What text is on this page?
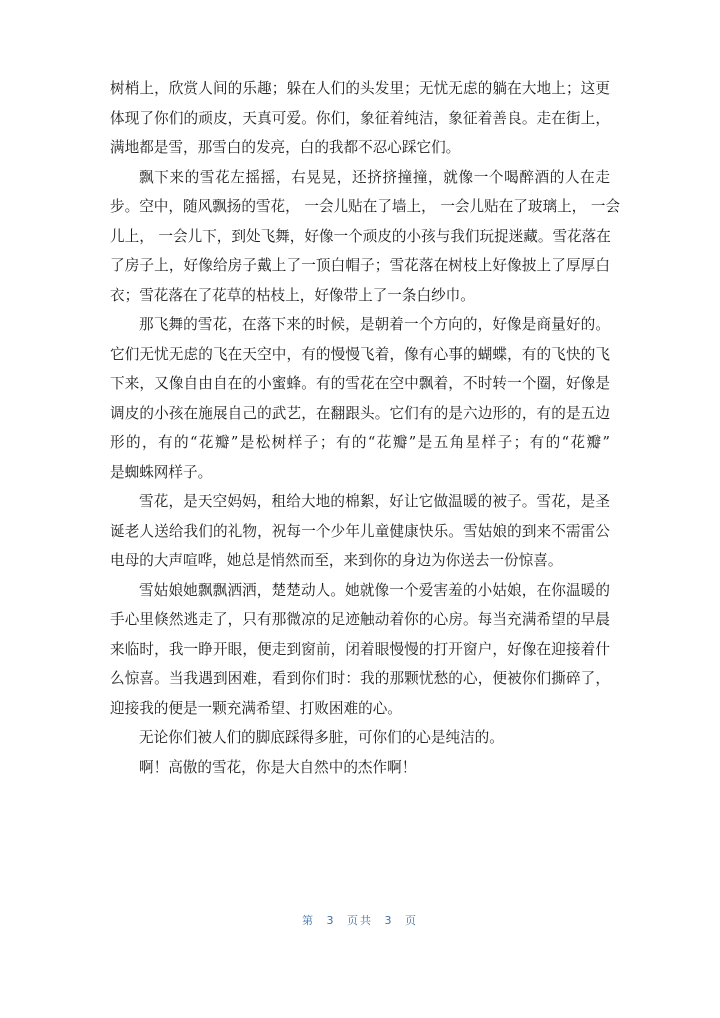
树梢上，欣赏人间的乐趣；躲在人们的头发里；无忧无虑的躺在大地上；这更
体现了你们的顽皮，天真可爱。你们，象征着纯洁，象征着善良。走在街上，
满地都是雪，那雪白的发亮，白的我都不忍心踩它们。
飘下来的雪花左摇摇，右晃晃，还挤挤撞撞，就像一个喝醉酒的人在走
步。空中，随风飘扬的雪花， 一会儿贴在了墙上， 一会儿贴在了玻璃上， 一会
儿上， 一会儿下，到处飞舞，好像一个顽皮的小孩与我们玩捉迷藏。雪花落在
了房子上，好像给房子戴上了一顶白帽子；雪花落在树枝上好像披上了厚厚白
衣；雪花落在了花草的枯枝上，好像带上了一条白纱巾。
那飞舞的雪花，在落下来的时候，是朝着一个方向的，好像是商量好的。
它们无忧无虑的飞在天空中，有的慢慢飞着，像有心事的蝴蝶，有的飞快的飞
下来，又像自由自在的小蜜蜂。有的雪花在空中飘着，不时转一个圈，好像是
调皮的小孩在施展自己的武艺，在翻跟头。它们有的是六边形的，有的是五边
形的，有的“花瓣”是松树样子；有的“花瓣”是五角星样子；有的“花瓣”
是蜘蛛网样子。
雪花，是天空妈妈，租给大地的棉絮，好让它做温暖的被子。雪花，是圣
诞老人送给我们的礼物，祝每一个少年儿童健康快乐。雪姑娘的到来不需雷公
电母的大声喧哗，她总是悄然而至，来到你的身边为你送去一份惊喜。
雪姑娘她飘飘洒洒，楚楚动人。她就像一个爱害羞的小姑娘，在你温暖的
手心里倏然逃走了，只有那微凉的足迹触动着你的心房。每当充满希望的早晨
来临时，我一睁开眼，便走到窗前，闭着眼慢慢的打开窗户，好像在迎接着什
么惊喜。当我遇到困难，看到你们时：我的那颗忧愁的心，便被你们撕碎了，
迎接我的便是一颗充满希望、打败困难的心。
无论你们被人们的脚底踩得多脏，可你们的心是纯洁的。
啊！高傲的雪花，你是大自然中的杰作啊！
第 3 页共 3 页
